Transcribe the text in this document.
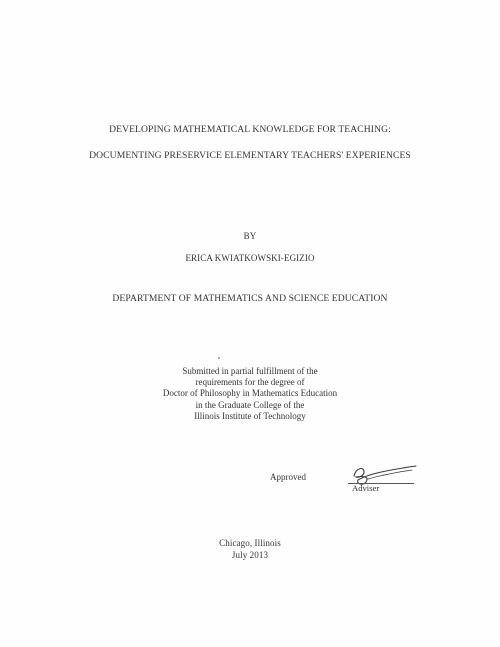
DEVELOPING MATHEMATICAL KNOWLEDGE FOR TEACHING:
DOCUMENTING PRESERVICE ELEMENTARY TEACHERS' EXPERIENCES
BY
ERICA KWIATKOWSKI-EGIZIO
DEPARTMENT OF MATHEMATICS AND SCIENCE EDUCATION
Submitted in partial fulfillment of the
requirements for the degree of
Doctor of Philosophy in Mathematics Education
in the Graduate College of the
Illinois Institute of Technology
Approved
Adviser
Chicago, Illinois
July 2013
